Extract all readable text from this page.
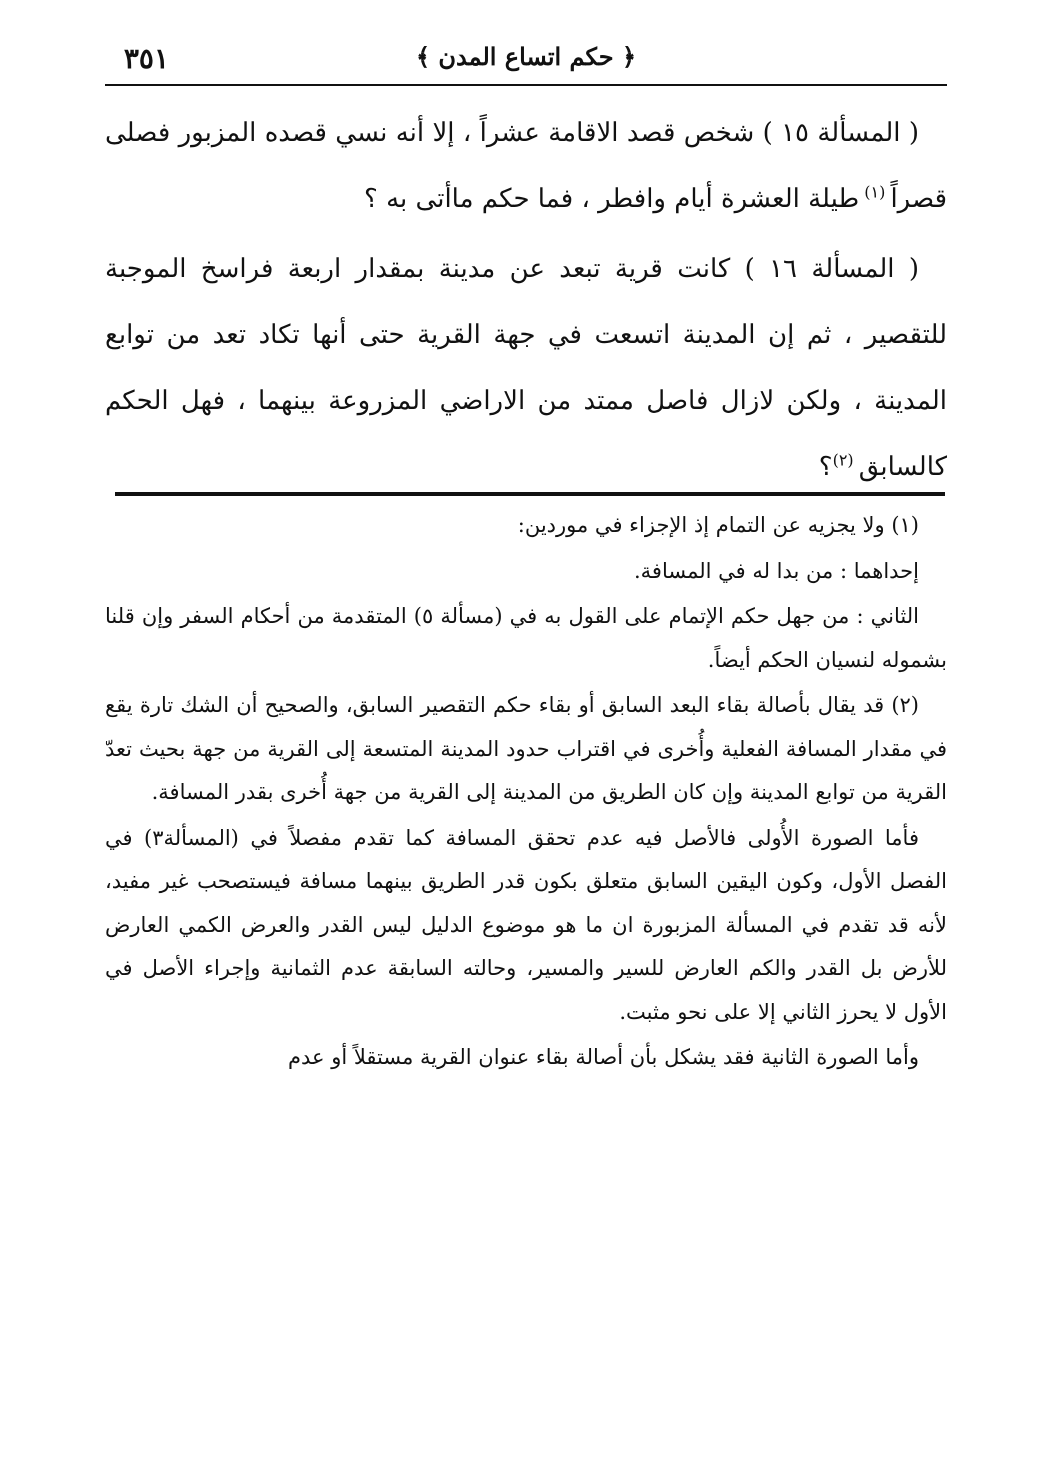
٣٥١	﴿ حكم اتساع المدن ﴾

( المسألة ١٥ ) شخص قصد الاقامة عشراً ، إلا أنه نسي قصده المزبور فصلى قصراً $^{(١)}$ طيلة العشرة أيام وافطر ، فما حكم ماأتى به ؟

( المسألة ١٦ ) كانت قرية تبعد عن مدينة بمقدار اربعة فراسخ الموجبة للتقصير ، ثم إن المدينة اتسعت في جهة القرية حتى أنها تكاد تعد من توابع المدينة ، ولكن لازال فاصل ممتد من الاراضي المزروعة بينهما ، فهل الحكم كالسابق $^{(٢)}$؟

(١) ولا يجزيه عن التمام إذ الإجزاء في موردين:

إحداهما : من بدا له في المسافة.

الثاني : من جهل حكم الإتمام على القول به في (مسألة ٥) المتقدمة من أحكام السفر وإن قلنا بشموله لنسيان الحكم أيضاً.

(٢) قد يقال بأصالة بقاء البعد السابق أو بقاء حكم التقصير السابق، والصحيح أن الشك تارة يقع في مقدار المسافة الفعلية وأُخرى في اقتراب حدود المدينة المتسعة إلى القرية من جهة بحيث تعدّ القرية من توابع المدينة وإن كان الطريق من المدينة إلى القرية من جهة أُخرى بقدر المسافة.

فأما الصورة الأُولى فالأصل فيه عدم تحقق المسافة كما تقدم مفصلاً في (المسألة٣) في الفصل الأول، وكون اليقين السابق متعلق بكون قدر الطريق بينهما مسافة فيستصحب غير مفيد، لأنه قد تقدم في المسألة المزبورة ان ما هو موضوع الدليل ليس القدر والعرض الكمي العارض للأرض بل القدر والكم العارض للسير والمسير، وحالته السابقة عدم الثمانية وإجراء الأصل في الأول لا يحرز الثاني إلا على نحو مثبت.

وأما الصورة الثانية فقد يشكل بأن أصالة بقاء عنوان القرية مستقلاً أو عدم
